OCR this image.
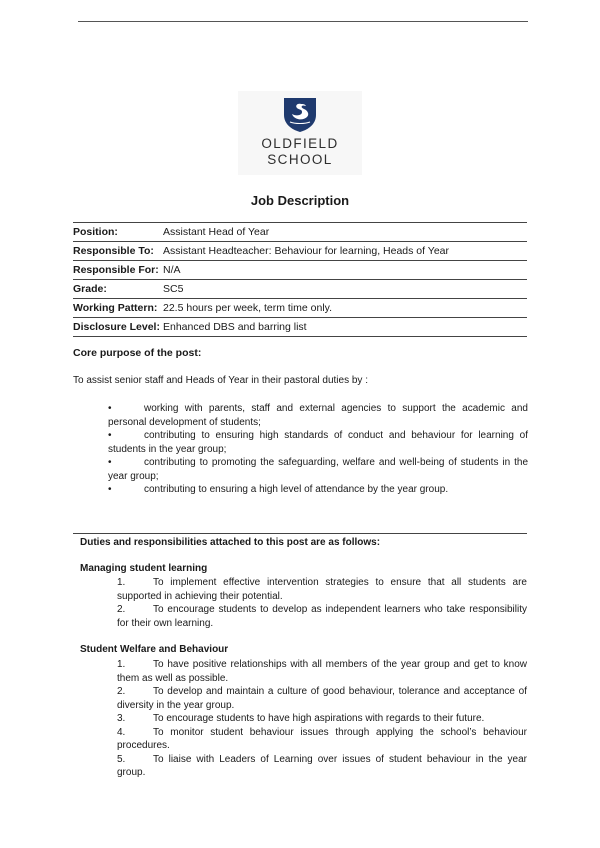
OLDFIELD
SCHOOL
Job Description
Position:	Assistant Head of Year
Responsible To: Assistant Headteacher: Behaviour for learning, Heads of Year
Responsible For: N/A
Grade:	SC5
Working Pattern: 22.5 hours per week, term time only.
Disclosure Level: Enhanced DBS and barring list
Core purpose of the post:
To assist senior staff and Heads of Year in their pastoral duties by :

•	working with parents, staff and external agencies to support the academic and personal development of students;

•	contributing to ensuring high standards of conduct and behaviour for learning of students in the year group;

•	contributing to promoting the safeguarding, welfare and well-being of students in the year group;

•	contributing to ensuring a high level of attendance by the year group.

Duties and responsibilities attached to this post are as follows:
Managing student learning

1.	To implement effective intervention strategies to ensure that all students are supported in achieving their potential.

2.	To encourage students to develop as independent learners who take responsibility for their own learning.

Student Welfare and Behaviour

1.	To have positive relationships with all members of the year group and get to know them as well as possible.

2.	To develop and maintain a culture of good behaviour, tolerance and acceptance of diversity in the year group.

3.	To encourage students to have high aspirations with regards to their future.

4.	To monitor student behaviour issues through applying the school’s behaviour procedures.

5.	To liaise with Leaders of Learning over issues of student behaviour in the year group.
